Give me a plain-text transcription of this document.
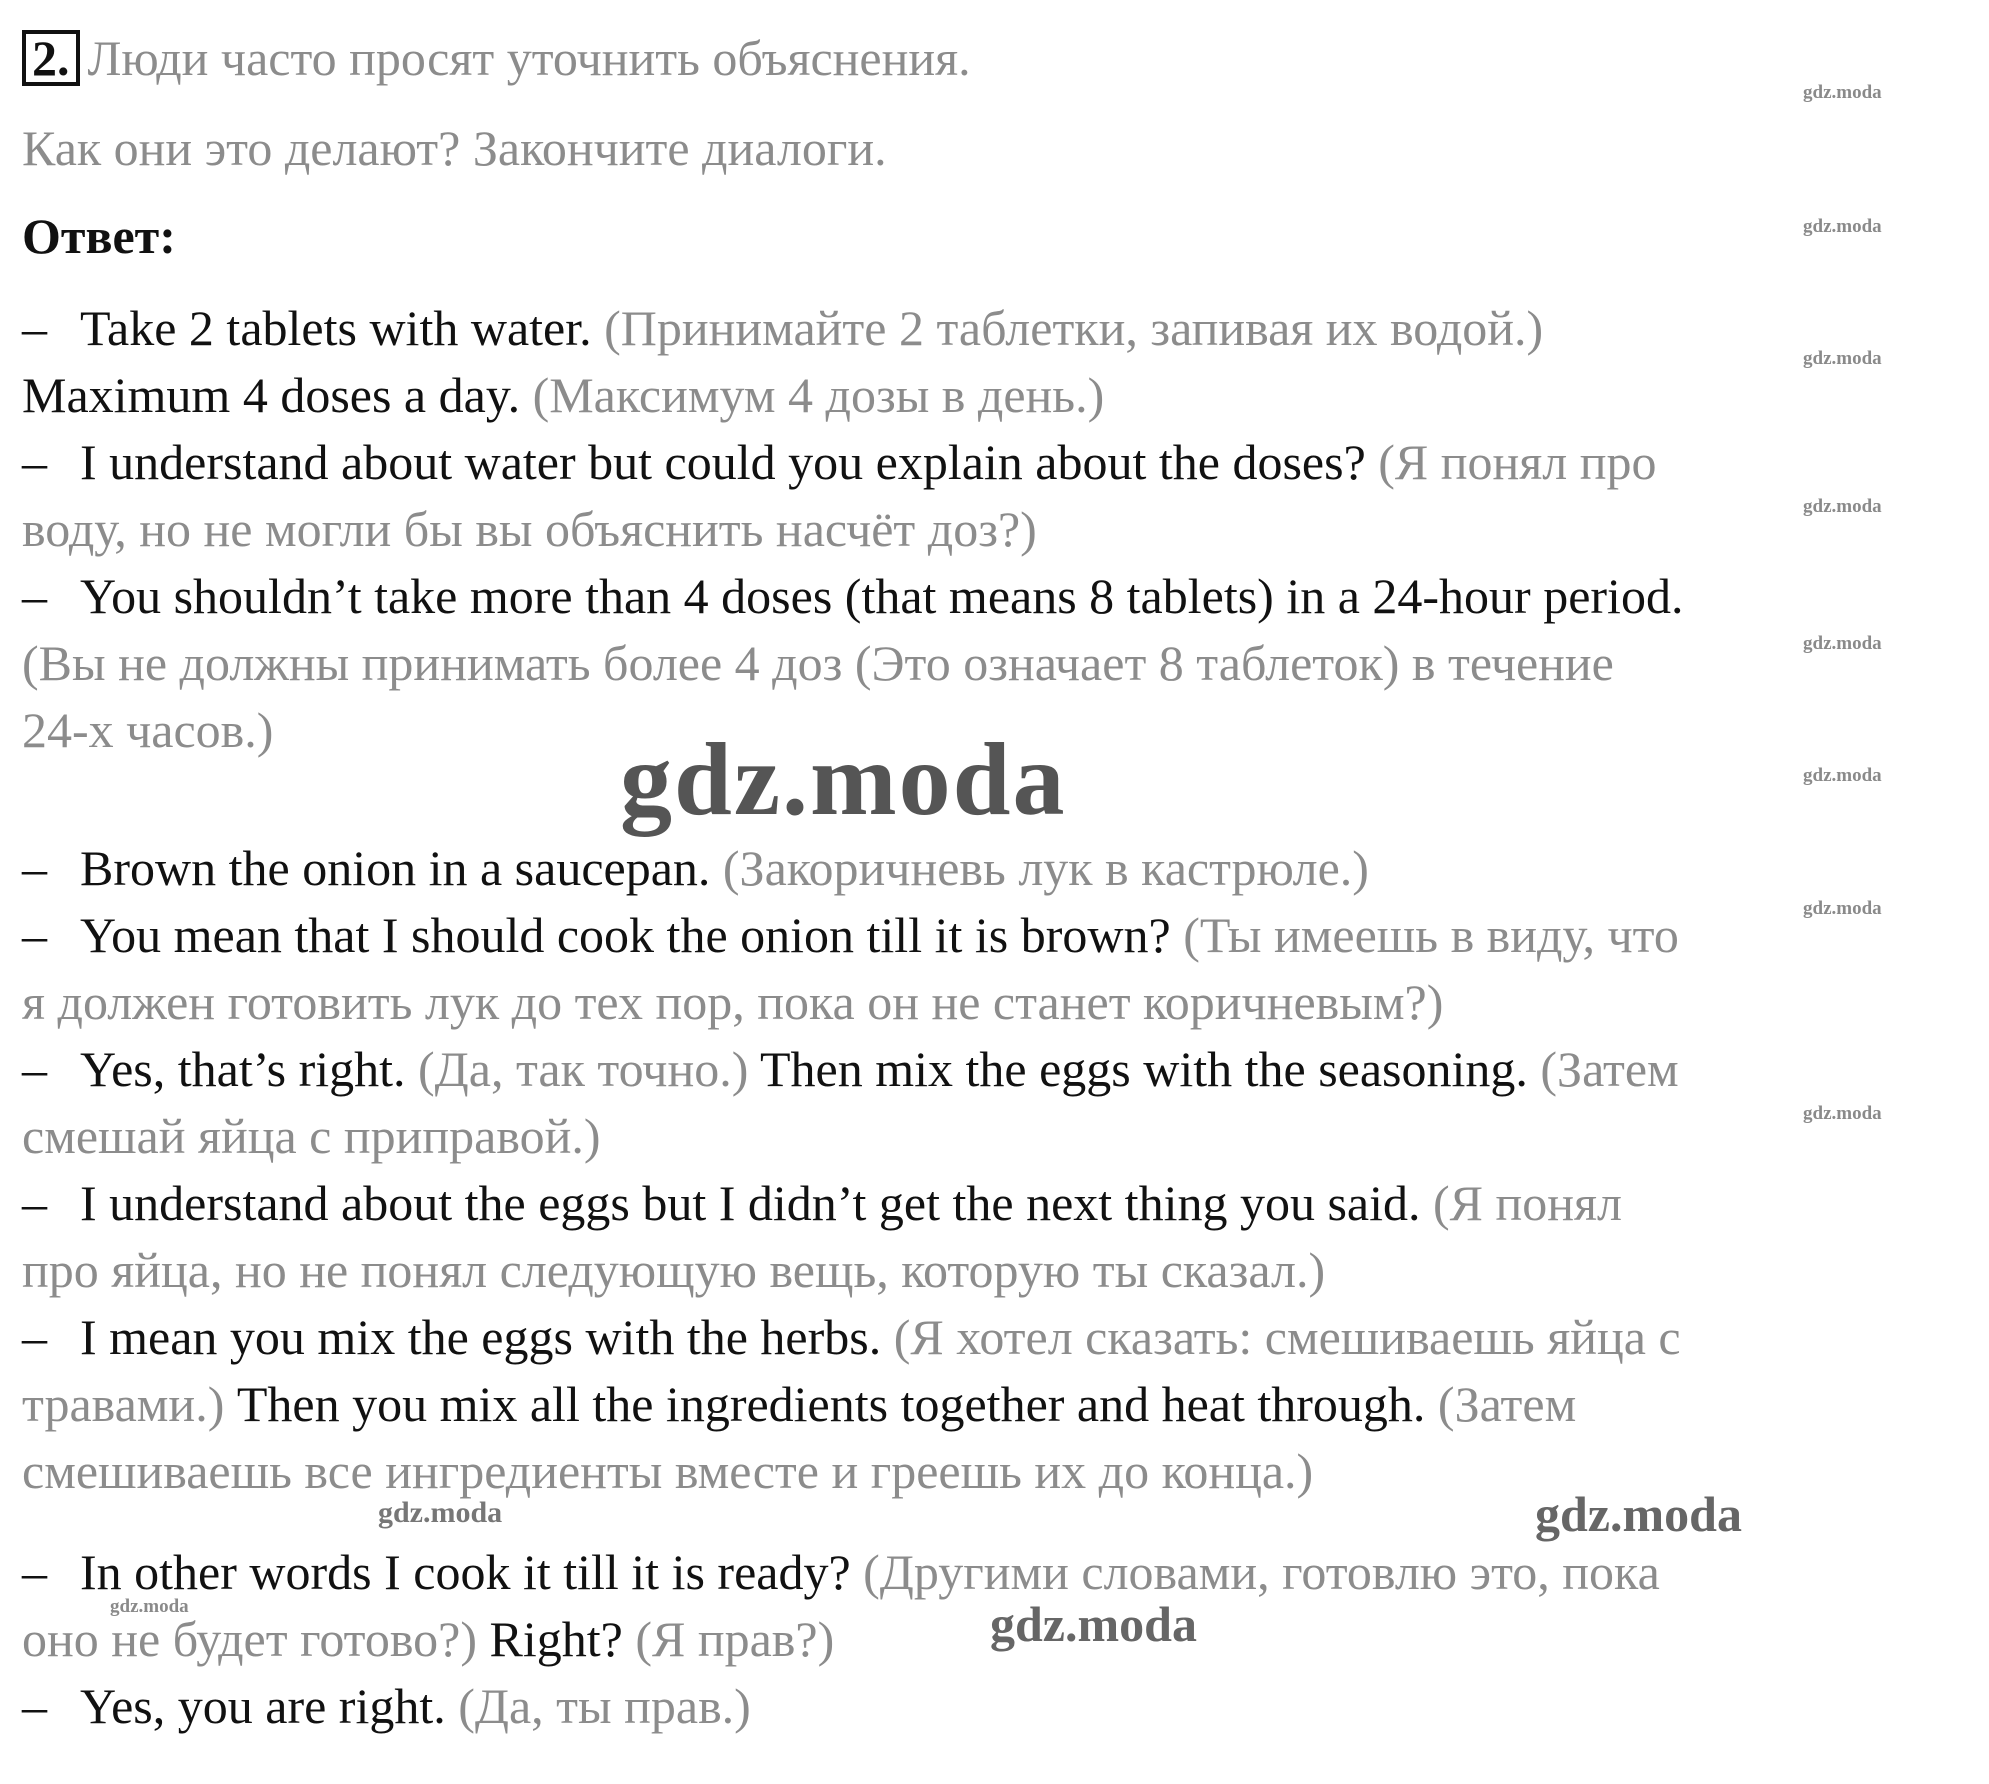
2. Люди часто просят уточнить объяснения.
Как они это делают? Закончите диалоги.
Ответ:
– Take 2 tablets with water. (Принимайте 2 таблетки, запивая их водой.)
Maximum 4 doses a day. (Максимум 4 дозы в день.)
– I understand about water but could you explain about the doses? (Я понял про
воду, но не могли бы вы объяснить насчёт доз?)
– You shouldn’t take more than 4 doses (that means 8 tablets) in a 24-hour period.
(Вы не должны принимать более 4 доз (Это означает 8 таблеток) в течение
24-х часов.)
– Brown the onion in a saucepan. (Закоричневь лук в кастрюле.)
– You mean that I should cook the onion till it is brown? (Ты имеешь в виду, что
я должен готовить лук до тех пор, пока он не станет коричневым?)
– Yes, that’s right. (Да, так точно.) Then mix the eggs with the seasoning. (Затем
смешай яйца с приправой.)
– I understand about the eggs but I didn’t get the next thing you said. (Я понял
про яйца, но не понял следующую вещь, которую ты сказал.)
– I mean you mix the eggs with the herbs. (Я хотел сказать: смешиваешь яйца с
травами.) Then you mix all the ingredients together and heat through. (Затем
смешиваешь все ингредиенты вместе и греешь их до конца.)
– In other words I cook it till it is ready? (Другими словами, готовлю это, пока
оно не будет готово?) Right? (Я прав?)
– Yes, you are right. (Да, ты прав.)
gdz.moda
gdz.moda
gdz.moda
gdz.moda
gdz.moda
gdz.moda
gdz.moda
gdz.moda
gdz.moda
gdz.moda
gdz.moda
gdz.moda
gdz.moda
